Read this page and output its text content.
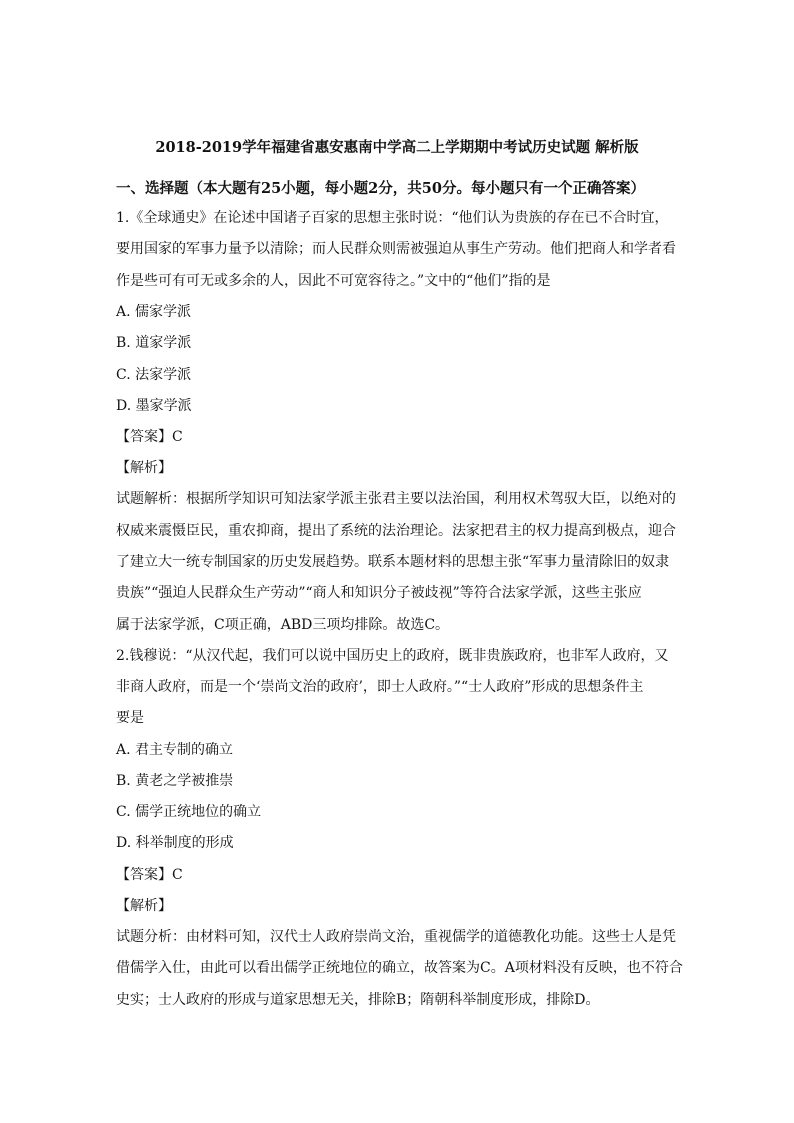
2018-2019学年福建省惠安惠南中学高二上学期期中考试历史试题 解析版
一、选择题（本大题有25小题，每小题2分，共50分。每小题只有一个正确答案）
1.《全球通史》在论述中国诸子百家的思想主张时说：“他们认为贵族的存在已不合时宜，
要用国家的军事力量予以清除；而人民群众则需被强迫从事生产劳动。他们把商人和学者看
作是些可有可无或多余的人，因此不可宽容待之。”文中的“他们”指的是
A. 儒家学派
B. 道家学派
C. 法家学派
D. 墨家学派
【答案】C
【解析】
试题解析：根据所学知识可知法家学派主张君主要以法治国，利用权术驾驭大臣，以绝对的
权威来震慑臣民，重农抑商，提出了系统的法治理论。法家把君主的权力提高到极点，迎合
了建立大一统专制国家的历史发展趋势。联系本题材料的思想主张“军事力量清除旧的奴隶
贵族”“强迫人民群众生产劳动”“商人和知识分子被歧视”等符合法家学派，这些主张应
属于法家学派，C项正确，ABD三项均排除。故选C。
2.钱穆说：“从汉代起，我们可以说中国历史上的政府，既非贵族政府，也非军人政府，又
非商人政府，而是一个‘崇尚文治的政府’，即士人政府。”“士人政府”形成的思想条件主
要是
A. 君主专制的确立
B. 黄老之学被推崇
C. 儒学正统地位的确立
D. 科举制度的形成
【答案】C
【解析】
试题分析：由材料可知，汉代士人政府崇尚文治，重视儒学的道德教化功能。这些士人是凭
借儒学入仕，由此可以看出儒学正统地位的确立，故答案为C。A项材料没有反映，也不符合
史实；士人政府的形成与道家思想无关，排除B；隋朝科举制度形成，排除D。
